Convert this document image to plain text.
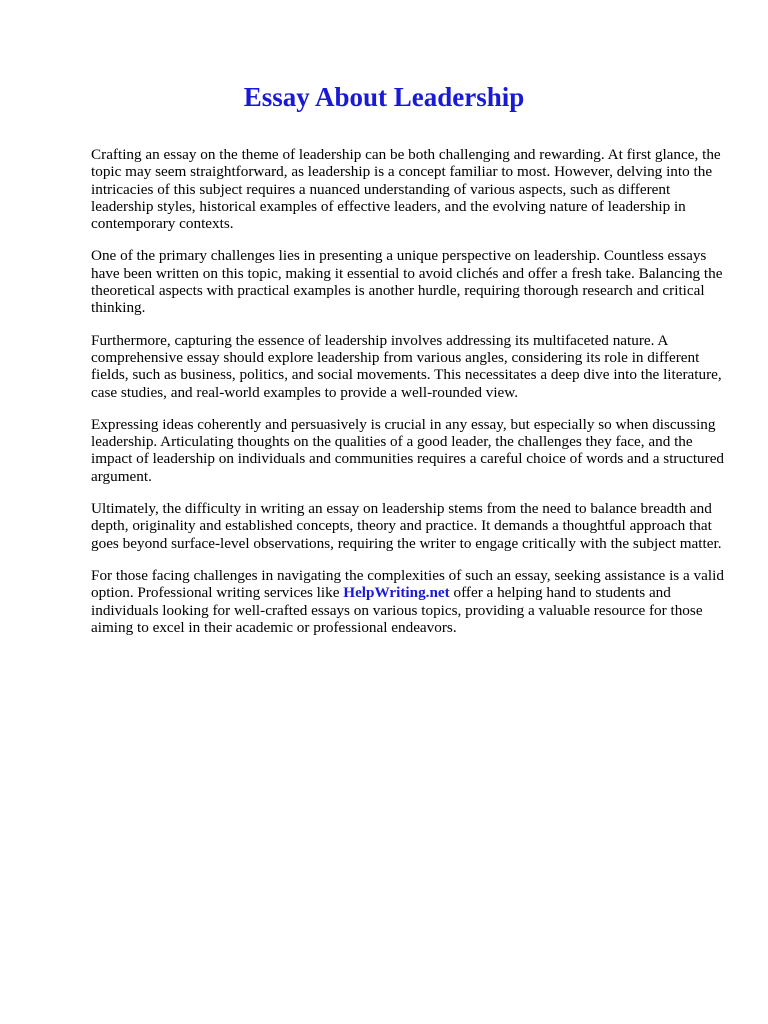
Essay About Leadership

Crafting an essay on the theme of leadership can be both challenging and rewarding. At first glance, the topic may seem straightforward, as leadership is a concept familiar to most. However, delving into the intricacies of this subject requires a nuanced understanding of various aspects, such as different leadership styles, historical examples of effective leaders, and the evolving nature of leadership in contemporary contexts.

One of the primary challenges lies in presenting a unique perspective on leadership. Countless essays have been written on this topic, making it essential to avoid clichés and offer a fresh take. Balancing the theoretical aspects with practical examples is another hurdle, requiring thorough research and critical thinking.

Furthermore, capturing the essence of leadership involves addressing its multifaceted nature. A comprehensive essay should explore leadership from various angles, considering its role in different fields, such as business, politics, and social movements. This necessitates a deep dive into the literature, case studies, and real-world examples to provide a well-rounded view.

Expressing ideas coherently and persuasively is crucial in any essay, but especially so when discussing leadership. Articulating thoughts on the qualities of a good leader, the challenges they face, and the impact of leadership on individuals and communities requires a careful choice of words and a structured argument.

Ultimately, the difficulty in writing an essay on leadership stems from the need to balance breadth and depth, originality and established concepts, theory and practice. It demands a thoughtful approach that goes beyond surface-level observations, requiring the writer to engage critically with the subject matter.

For those facing challenges in navigating the complexities of such an essay, seeking assistance is a valid option. Professional writing services like HelpWriting.net offer a helping hand to students and individuals looking for well-crafted essays on various topics, providing a valuable resource for those aiming to excel in their academic or professional endeavors.
